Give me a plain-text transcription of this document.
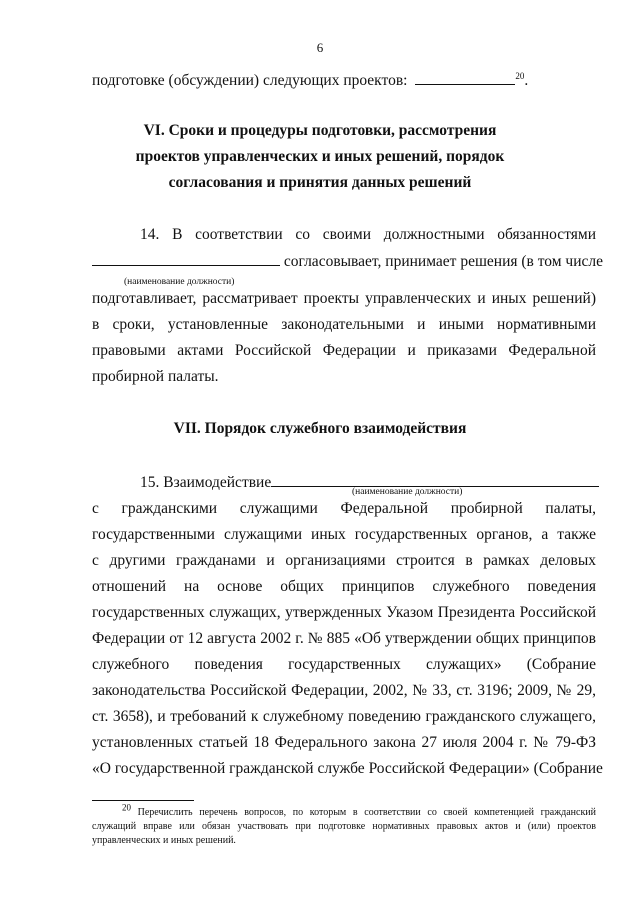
6
подготовке (обсуждении) следующих проектов:	$^{20}$.
VI. Сроки и процедуры подготовки, рассмотрения
проектов управленческих и иных решений, порядок
согласования и принятия данных решений
14. В соответствии со своими должностными обязанностями
согласовывает, принимает решения (в том числе
(наименование должности)
подготавливает, рассматривает проекты управленческих и иных решений)
в сроки, установленные законодательными и иными нормативными
правовыми актами Российской Федерации и приказами Федеральной
пробирной палаты.
VII. Порядок служебного взаимодействия
15. Взаимодействие
(наименование должности)
с гражданскими служащими Федеральной пробирной палаты,
государственными служащими иных государственных органов, а также
с другими гражданами и организациями строится в рамках деловых
отношений на основе общих принципов служебного поведения
государственных служащих, утвержденных Указом Президента Российской
Федерации от 12 августа 2002 г. № 885 «Об утверждении общих принципов
служебного поведения государственных служащих» (Собрание
законодательства Российской Федерации, 2002, № 33, ст. 3196; 2009, № 29,
ст. 3658), и требований к служебному поведению гражданского служащего,
установленных статьей 18 Федерального закона 27 июля 2004 г. № 79-ФЗ
«О государственной гражданской службе Российской Федерации» (Собрание
20 Перечислить перечень вопросов, по которым в соответствии со своей компетенцией гражданский
служащий вправе или обязан участвовать при подготовке нормативных правовых актов и (или) проектов
управленческих и иных решений.
